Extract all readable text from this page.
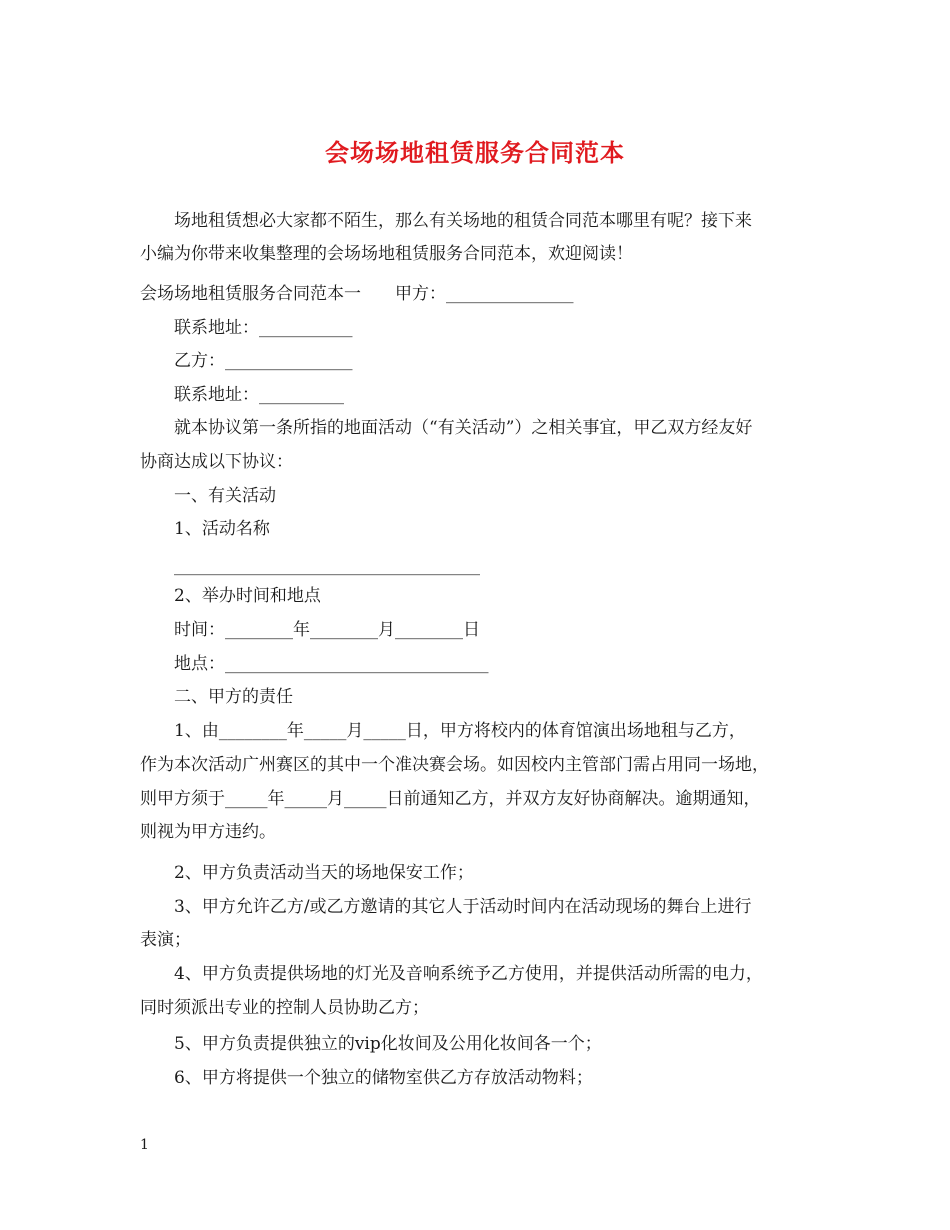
会场场地租赁服务合同范本
场地租赁想必大家都不陌生，那么有关场地的租赁合同范本哪里有呢？接下来
小编为你带来收集整理的会场场地租赁服务合同范本，欢迎阅读！
会场场地租赁服务合同范本一　　甲方：_______________
联系地址：___________
乙方：_______________
联系地址：__________
就本协议第一条所指的地面活动（“有关活动”）之相关事宜，甲乙双方经友好
协商达成以下协议：
一、有关活动
1、活动名称
____________________________________
2、举办时间和地点
时间：________年________月________日
地点：_______________________________
二、甲方的责任
1、由________年_____月_____日，甲方将校内的体育馆演出场地租与乙方，
作为本次活动广州赛区的其中一个准决赛会场。如因校内主管部门需占用同一场地，
则甲方须于_____年_____月_____日前通知乙方，并双方友好协商解决。逾期通知，
则视为甲方违约。
2、甲方负责活动当天的场地保安工作；
3、甲方允许乙方/或乙方邀请的其它人于活动时间内在活动现场的舞台上进行
表演；
4、甲方负责提供场地的灯光及音响系统予乙方使用，并提供活动所需的电力，
同时须派出专业的控制人员协助乙方；
5、甲方负责提供独立的vip化妆间及公用化妆间各一个；
6、甲方将提供一个独立的储物室供乙方存放活动物料；
1
